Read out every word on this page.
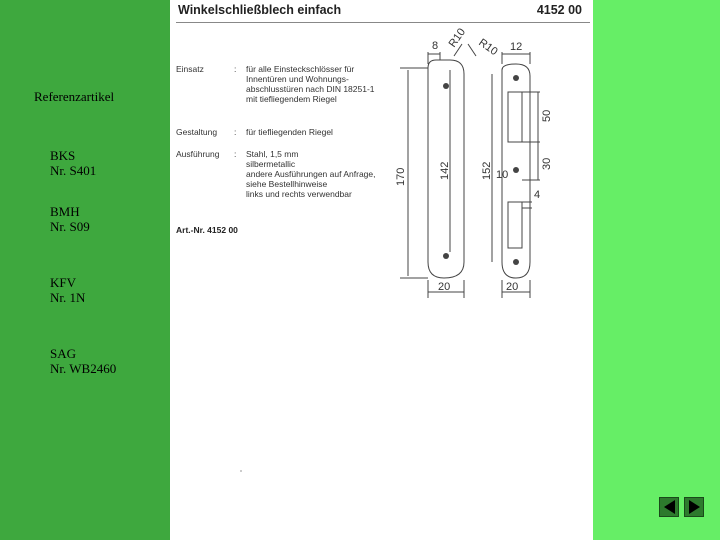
Referenzartikel
BKS
Nr. S401
BMH
Nr. S09
KFV
Nr. 1N
SAG
Nr. WB2460
Winkelschließblech einfach	4152 00
Einsatz	: für alle Einsteckschlösser für
Innentüren und Wohnungs-
abschlusstüren nach DIN 18251-1
mit tiefliegendem Riegel
Gestaltung	: für tiefliegenden Riegel
Ausführung	: Stahl, 1,5 mm
silbermetallic
andere Ausführungen auf Anfrage,
siehe Bestellhinweise
links und rechts verwendbar
Art.-Nr. 4152 00
8 R10 R10 12
50
30
10
4
170	142	152
20	20
